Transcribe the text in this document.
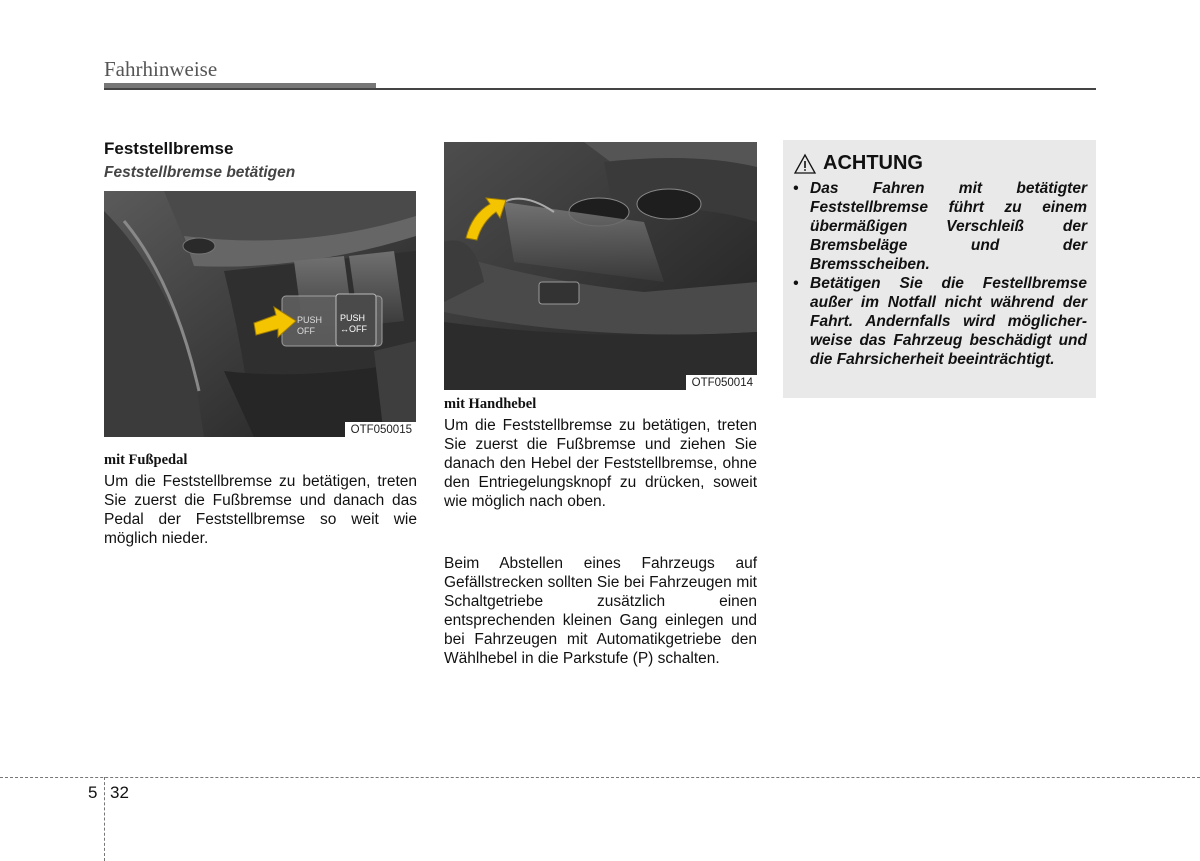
Fahrhinweise
Feststellbremse
Feststellbremse betätigen
PUSH
OFF
PUSH
↔OFF
OTF050015
OTF050014
mit Fußpedal

Um die Feststellbremse zu betätigen, treten Sie zuerst die Fußbremse und danach das Pedal der Feststellbremse so weit wie möglich nieder.

mit Handhebel

Um die Feststellbremse zu betätigen, treten Sie zuerst die Fußbremse und ziehen Sie danach den Hebel der Feststellbremse, ohne den Entriegelungsknopf zu drücken, soweit wie möglich nach oben.

Beim Abstellen eines Fahrzeugs auf Gefällstrecken sollten Sie bei Fahrzeugen mit Schaltgetriebe zusätzlich einen entsprechenden kleinen Gang einlegen und bei Fahrzeugen mit Automatikgetriebe den Wählhebel in die Parkstufe (P) schalten.

ACHTUNG
• Das Fahren mit betätigter Feststellbremse führt zu einem übermäßigen Verschleiß der Bremsbeläge und der Bremsscheiben.
• Betätigen Sie die Festellbremse außer im Notfall nicht während der Fahrt. Andernfalls wird möglicher-weise das Fahrzeug beschädigt und die Fahrsicherheit beeinträchtigt.
5 32
